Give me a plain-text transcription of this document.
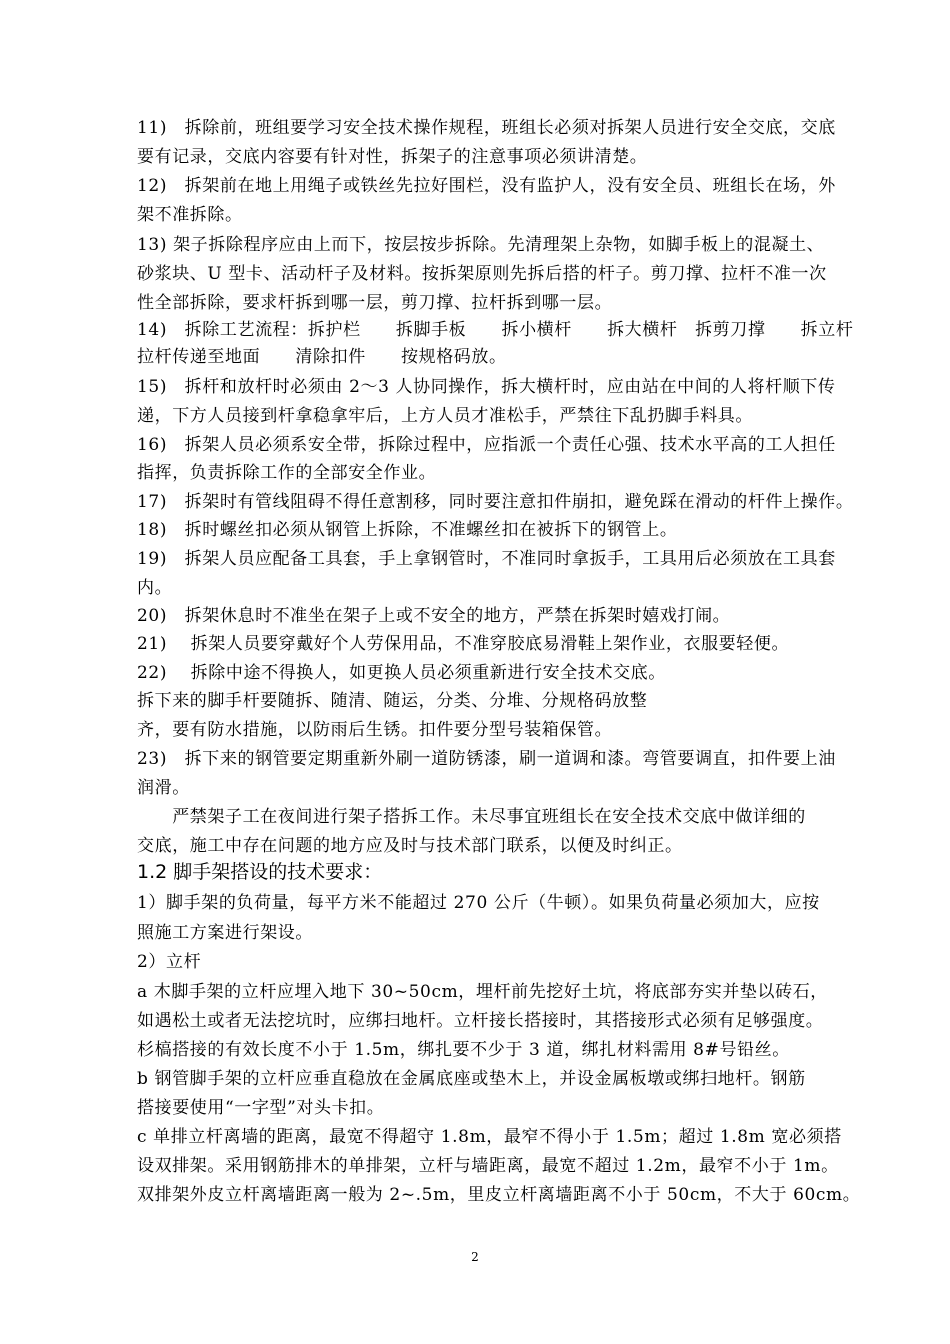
11)　拆除前，班组要学习安全技术操作规程，班组长必须对拆架人员进行安全交底，交底
要有记录，交底内容要有针对性，拆架子的注意事项必须讲清楚。
12)　拆架前在地上用绳子或铁丝先拉好围栏，没有监护人，没有安全员、班组长在场，外
架不准拆除。
13) 架子拆除程序应由上而下，按层按步拆除。先清理架上杂物，如脚手板上的混凝土、
砂浆块、U 型卡、活动杆子及材料。按拆架原则先拆后搭的杆子。剪刀撑、拉杆不准一次
性全部拆除，要求杆拆到哪一层，剪刀撑、拉杆拆到哪一层。
14)　拆除工艺流程：拆护栏　　拆脚手板　　拆小横杆　　拆大横杆　拆剪刀撑　　拆立杆
拉杆传递至地面　　清除扣件　　按规格码放。
15)　拆杆和放杆时必须由 2～3 人协同操作，拆大横杆时，应由站在中间的人将杆顺下传
递，下方人员接到杆拿稳拿牢后，上方人员才准松手，严禁往下乱扔脚手料具。
16)　拆架人员必须系安全带，拆除过程中，应指派一个责任心强、技术水平高的工人担任
指挥，负责拆除工作的全部安全作业。
17)　拆架时有管线阻碍不得任意割移，同时要注意扣件崩扣，避免踩在滑动的杆件上操作。
18)　拆时螺丝扣必须从钢管上拆除，不准螺丝扣在被拆下的钢管上。
19)　拆架人员应配备工具套，手上拿钢管时，不准同时拿扳手，工具用后必须放在工具套
内。
20)　拆架休息时不准坐在架子上或不安全的地方，严禁在拆架时嬉戏打闹。
21)　 拆架人员要穿戴好个人劳保用品，不准穿胶底易滑鞋上架作业，衣服要轻便。
22)　 拆除中途不得换人，如更换人员必须重新进行安全技术交底。
拆下来的脚手杆要随拆、随清、随运，分类、分堆、分规格码放整
齐，要有防水措施，以防雨后生锈。扣件要分型号装箱保管。
23)　拆下来的钢管要定期重新外刷一道防锈漆，刷一道调和漆。弯管要调直，扣件要上油
润滑。
　　严禁架子工在夜间进行架子搭拆工作。未尽事宜班组长在安全技术交底中做详细的
交底，施工中存在问题的地方应及时与技术部门联系，以便及时纠正。
1.2 脚手架搭设的技术要求：
1）脚手架的负荷量，每平方米不能超过 270 公斤（牛顿）。如果负荷量必须加大，应按
照施工方案进行架设。
2）立杆
a 木脚手架的立杆应埋入地下 30~50cm，埋杆前先挖好土坑，将底部夯实并垫以砖石，
如遇松土或者无法挖坑时，应绑扫地杆。立杆接长搭接时，其搭接形式必须有足够强度。
杉槁搭接的有效长度不小于 1.5m，绑扎要不少于 3 道，绑扎材料需用 8#号铅丝。
b 钢管脚手架的立杆应垂直稳放在金属底座或垫木上，并设金属板墩或绑扫地杆。钢筋
搭接要使用“一字型”对头卡扣。
c 单排立杆离墙的距离，最宽不得超守 1.8m，最窄不得小于 1.5m；超过 1.8m 宽必须搭
设双排架。采用钢筋排木的单排架，立杆与墙距离，最宽不超过 1.2m，最窄不小于 1m。
双排架外皮立杆离墙距离一般为 2~.5m，里皮立杆离墙距离不小于 50cm，不大于 60cm。
2
